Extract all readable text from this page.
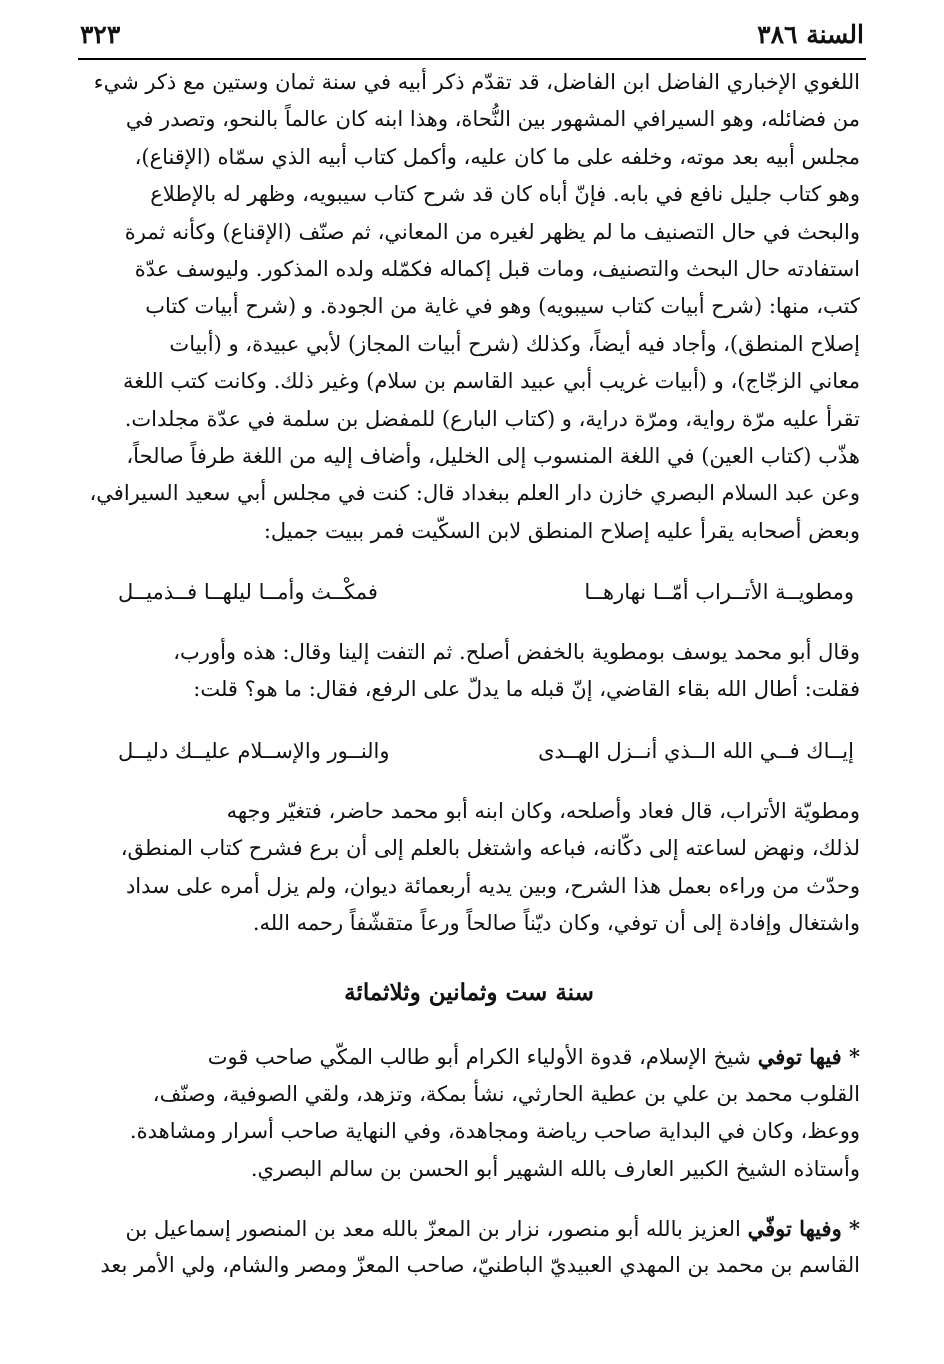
السنة ٣٨٦
٣٢٣
اللغوي الإخباري الفاضل ابن الفاضل، قد تقدّم ذكر أبيه في سنة ثمان وستين مع ذكر شيء
من فضائله، وهو السيرافي المشهور بين النُّحاة، وهذا ابنه كان عالماً بالنحو، وتصدر في
مجلس أبيه بعد موته، وخلفه على ما كان عليه، وأكمل كتاب أبيه الذي سمّاه (الإقناع)،
وهو كتاب جليل نافع في بابه. فإنّ أباه كان قد شرح كتاب سيبويه، وظهر له بالإطلاع
والبحث في حال التصنيف ما لم يظهر لغيره من المعاني، ثم صنّف (الإقناع) وكأنه ثمرة
استفادته حال البحث والتصنيف، ومات قبل إكماله فكمّله ولده المذكور. وليوسف عدّة
كتب، منها: (شرح أبيات كتاب سيبويه) وهو في غاية من الجودة. و (شرح أبيات كتاب
إصلاح المنطق)، وأجاد فيه أيضاً، وكذلك (شرح أبيات المجاز) لأبي عبيدة، و (أبيات
معاني الزجّاج)، و (أبيات غريب أبي عبيد القاسم بن سلام) وغير ذلك. وكانت كتب اللغة
تقرأ عليه مرّة رواية، ومرّة دراية، و (كتاب البارع) للمفضل بن سلمة في عدّة مجلدات.
هذّب (كتاب العين) في اللغة المنسوب إلى الخليل، وأضاف إليه من اللغة طرفاً صالحاً،
وعن عبد السلام البصري خازن دار العلم ببغداد قال: كنت في مجلس أبي سعيد السيرافي،
وبعض أصحابه يقرأ عليه إصلاح المنطق لابن السكّيت فمر ببيت جميل:
ومطويــة الأتــراب أمّــا نهارهــا
فمكْــث وأمــا ليلهــا فــذميــل
وقال أبو محمد يوسف بومطوية بالخفض أصلح. ثم التفت إلينا وقال: هذه وأورب،
فقلت: أطال الله بقاء القاضي، إنّ قبله ما يدلّ على الرفع، فقال: ما هو؟ قلت:
إيــاك فــي الله الــذي أنــزل الهــدى
والنــور والإســلام عليــك دليــل
ومطويّة الأتراب، قال فعاد وأصلحه، وكان ابنه أبو محمد حاضر، فتغيّر وجهه
لذلك، ونهض لساعته إلى دكّانه، فباعه واشتغل بالعلم إلى أن برع فشرح كتاب المنطق،
وحدّث من وراءه بعمل هذا الشرح، وبين يديه أربعمائة ديوان، ولم يزل أمره على سداد
واشتغال وإفادة إلى أن توفي، وكان ديّناً صالحاً ورعاً متقشّفاً رحمه الله.
سنة ست وثمانين وثلاثمائة
* فيها توفي شيخ الإسلام، قدوة الأولياء الكرام أبو طالب المكّي صاحب قوت
القلوب محمد بن علي بن عطية الحارثي، نشأ بمكة، وتزهد، ولقي الصوفية، وصنّف،
ووعظ، وكان في البداية صاحب رياضة ومجاهدة، وفي النهاية صاحب أسرار ومشاهدة.
وأستاذه الشيخ الكبير العارف بالله الشهير أبو الحسن بن سالم البصري.
* وفيها توفّي العزيز بالله أبو منصور، نزار بن المعزّ بالله معد بن المنصور إسماعيل بن
القاسم بن محمد بن المهدي العبيديّ الباطنيّ، صاحب المعزّ ومصر والشام، ولي الأمر بعد
